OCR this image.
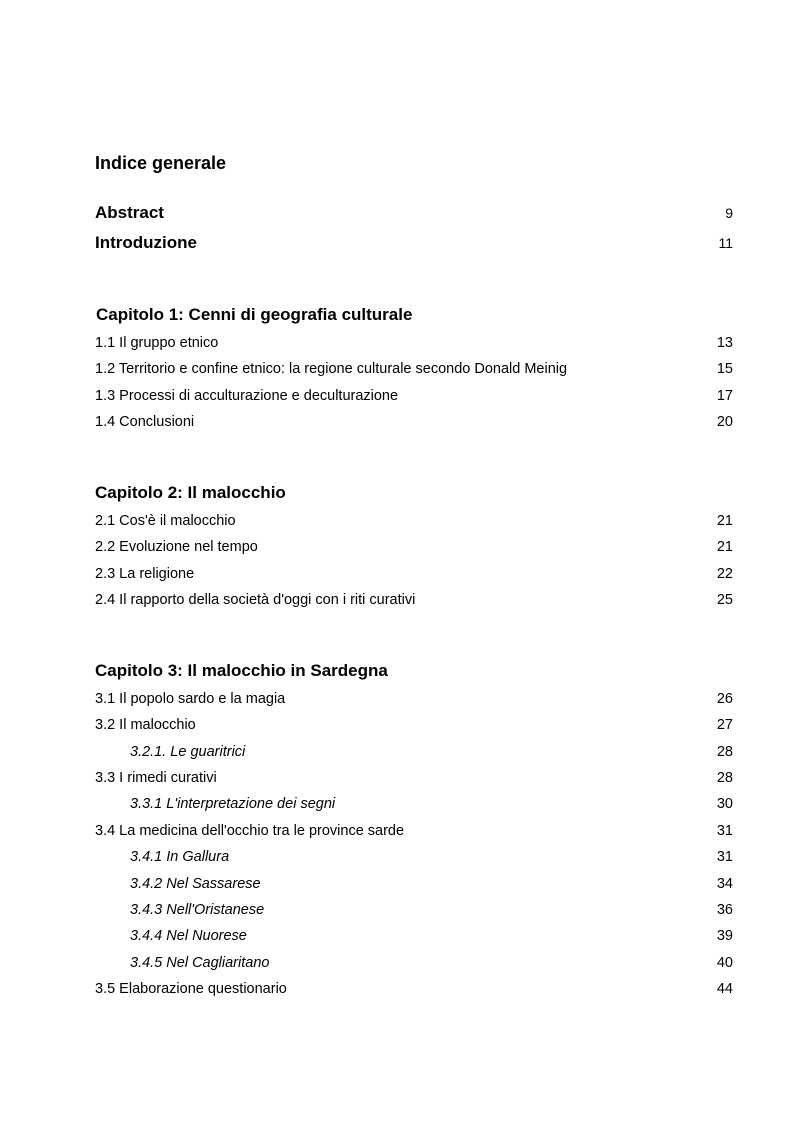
Indice generale
Abstract	9
Introduzione	11
Capitolo 1: Cenni di geografia culturale
1.1 Il gruppo etnico	13
1.2 Territorio e confine etnico: la regione culturale secondo Donald Meinig	15
1.3 Processi di acculturazione e deculturazione	17
1.4 Conclusioni	20
Capitolo 2: Il malocchio
2.1 Cos'è il malocchio	21
2.2 Evoluzione nel tempo	21
2.3 La religione	22
2.4 Il rapporto della società d'oggi con i riti curativi	25
Capitolo 3: Il malocchio in Sardegna
3.1 Il popolo sardo e la magia	26
3.2 Il malocchio	27
3.2.1. Le guaritrici	28
3.3 I rimedi curativi	28
3.3.1 L'interpretazione dei segni	30
3.4 La medicina dell'occhio tra le province sarde	31
3.4.1 In Gallura	31
3.4.2 Nel Sassarese	34
3.4.3 Nell'Oristanese	36
3.4.4 Nel Nuorese	39
3.4.5 Nel Cagliaritano	40
3.5 Elaborazione questionario	44
